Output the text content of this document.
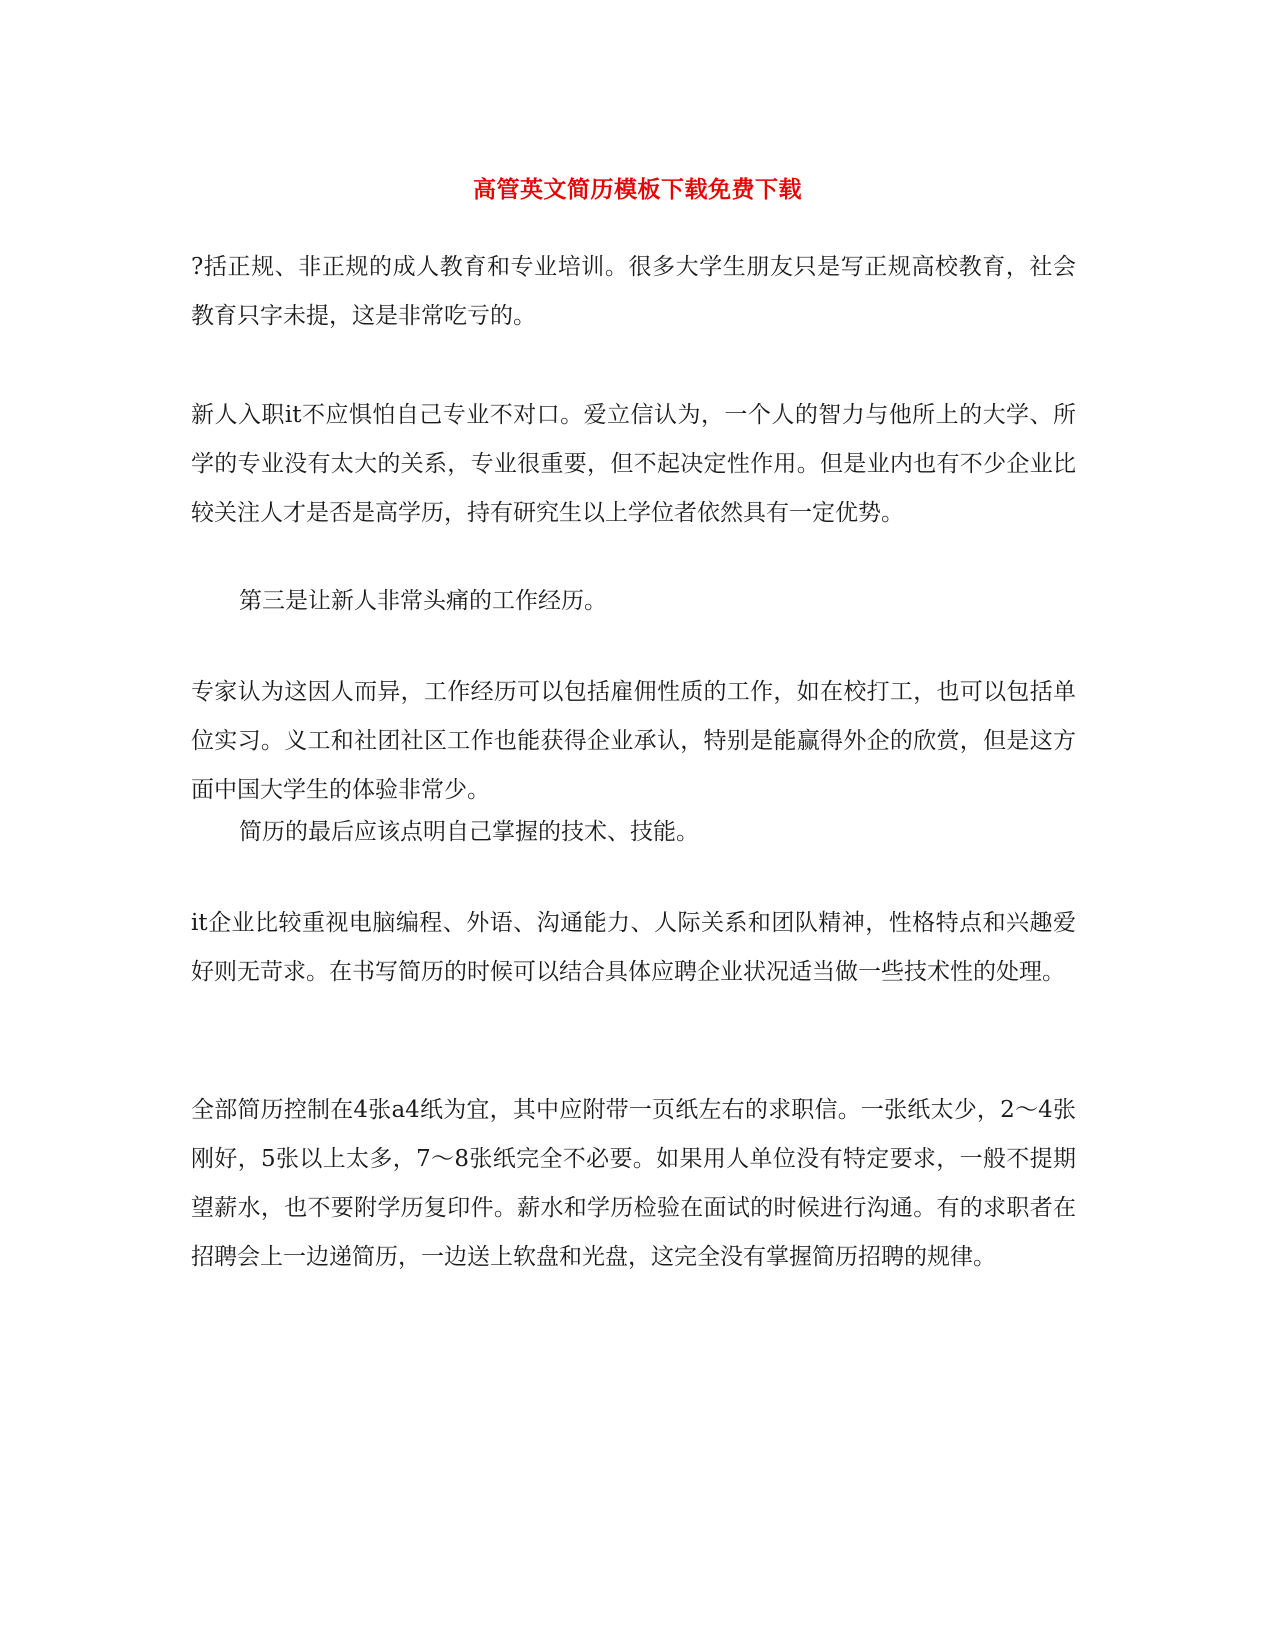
高管英文简历模板下载免费下载

?括正规、非正规的成人教育和专业培训。很多大学生朋友只是写正规高校教育，社会教育只字未提，这是非常吃亏的。

新人入职it不应惧怕自己专业不对口。爱立信认为，一个人的智力与他所上的大学、所学的专业没有太大的关系，专业很重要，但不起决定性作用。但是业内也有不少企业比较关注人才是否是高学历，持有研究生以上学位者依然具有一定优势。

第三是让新人非常头痛的工作经历。

专家认为这因人而异，工作经历可以包括雇佣性质的工作，如在校打工，也可以包括单位实习。义工和社团社区工作也能获得企业承认，特别是能赢得外企的欣赏，但是这方面中国大学生的体验非常少。

简历的最后应该点明自己掌握的技术、技能。

it企业比较重视电脑编程、外语、沟通能力、人际关系和团队精神，性格特点和兴趣爱好则无苛求。在书写简历的时候可以结合具体应聘企业状况适当做一些技术性的处理。

全部简历控制在4张a4纸为宜，其中应附带一页纸左右的求职信。一张纸太少，2～4张刚好，5张以上太多，7～8张纸完全不必要。如果用人单位没有特定要求，一般不提期望薪水，也不要附学历复印件。薪水和学历检验在面试的时候进行沟通。有的求职者在招聘会上一边递简历，一边送上软盘和光盘，这完全没有掌握简历招聘的规律。
